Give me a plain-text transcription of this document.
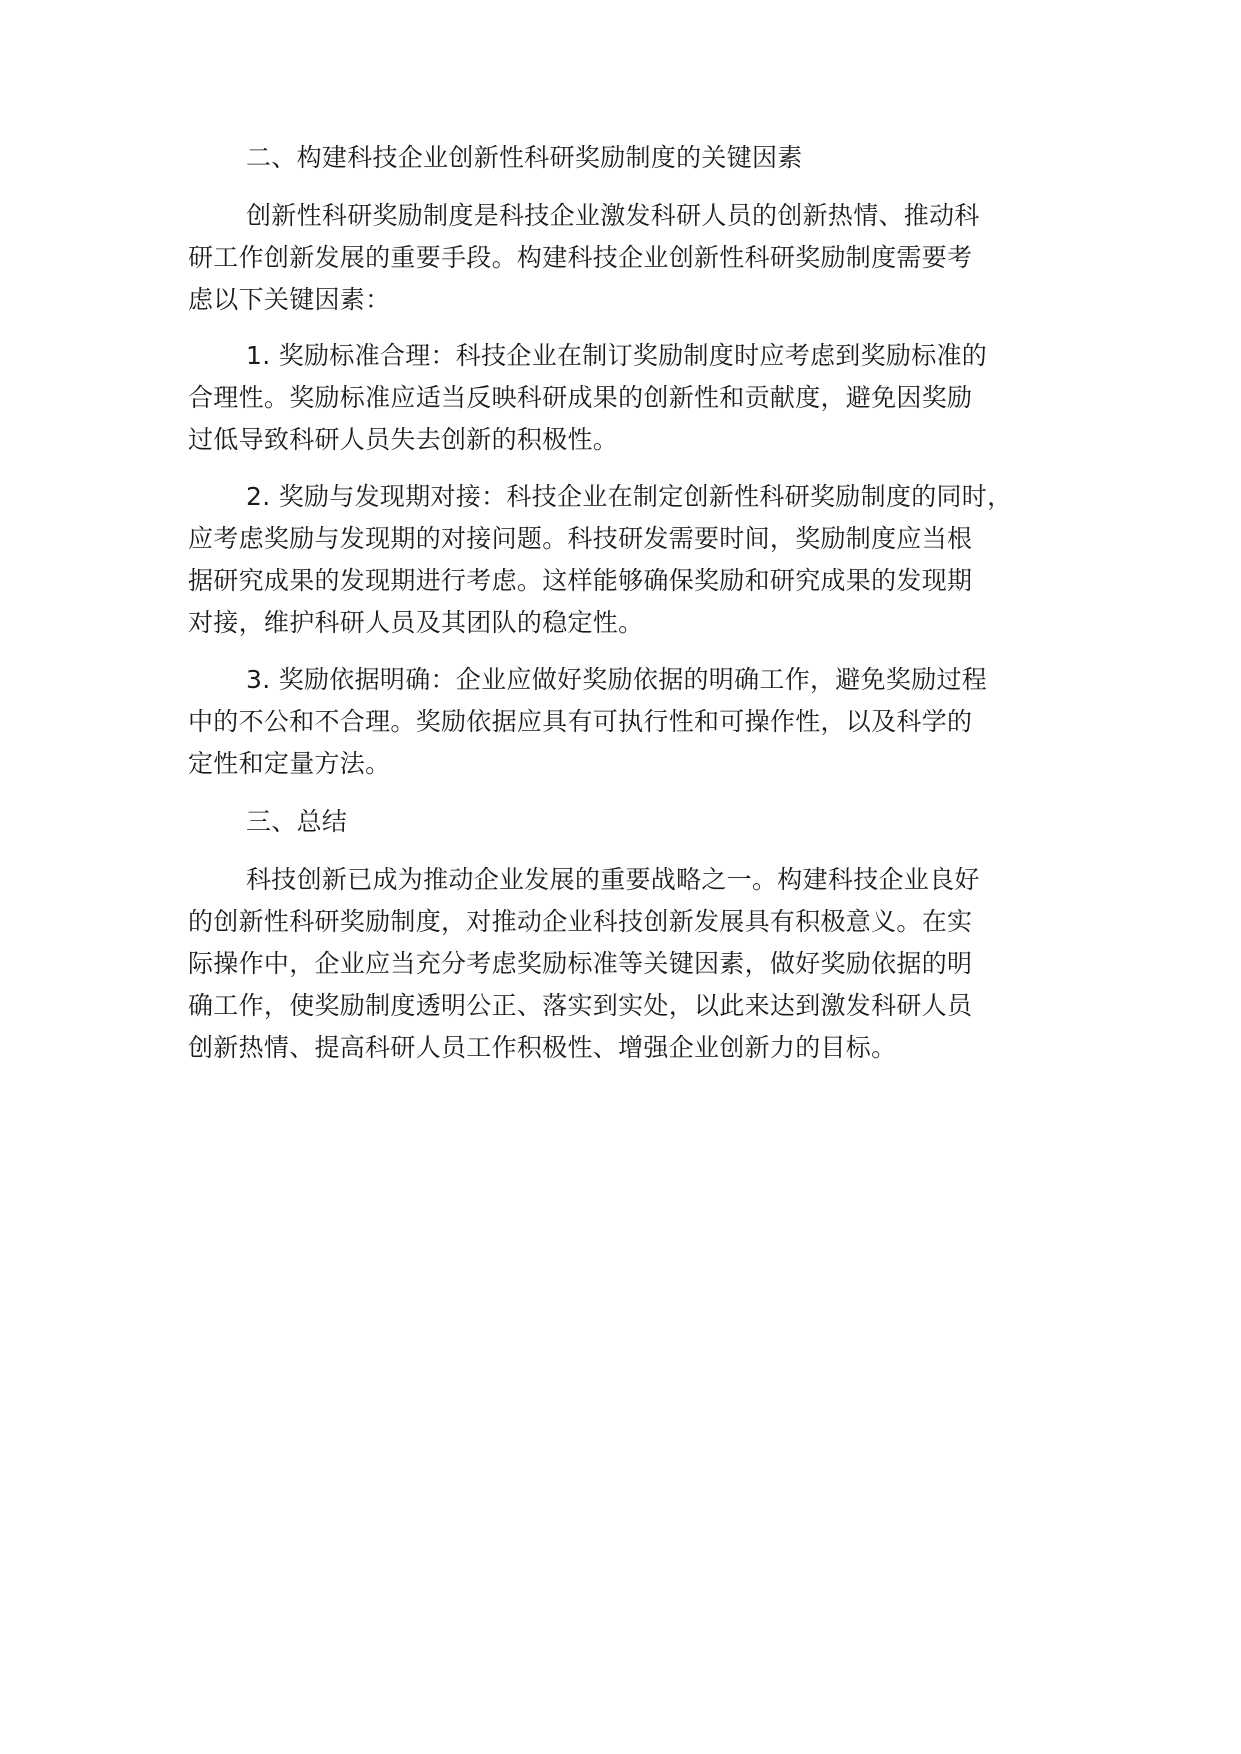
二、构建科技企业创新性科研奖励制度的关键因素
创新性科研奖励制度是科技企业激发科研人员的创新热情、推动科
研工作创新发展的重要手段。构建科技企业创新性科研奖励制度需要考
虑以下关键因素：
1. 奖励标准合理：科技企业在制订奖励制度时应考虑到奖励标准的
合理性。奖励标准应适当反映科研成果的创新性和贡献度，避免因奖励
过低导致科研人员失去创新的积极性。
2. 奖励与发现期对接：科技企业在制定创新性科研奖励制度的同时，
应考虑奖励与发现期的对接问题。科技研发需要时间，奖励制度应当根
据研究成果的发现期进行考虑。这样能够确保奖励和研究成果的发现期
对接，维护科研人员及其团队的稳定性。
3. 奖励依据明确：企业应做好奖励依据的明确工作，避免奖励过程
中的不公和不合理。奖励依据应具有可执行性和可操作性，以及科学的
定性和定量方法。
三、总结
科技创新已成为推动企业发展的重要战略之一。构建科技企业良好
的创新性科研奖励制度，对推动企业科技创新发展具有积极意义。在实
际操作中，企业应当充分考虑奖励标准等关键因素，做好奖励依据的明
确工作，使奖励制度透明公正、落实到实处，以此来达到激发科研人员
创新热情、提高科研人员工作积极性、增强企业创新力的目标。
